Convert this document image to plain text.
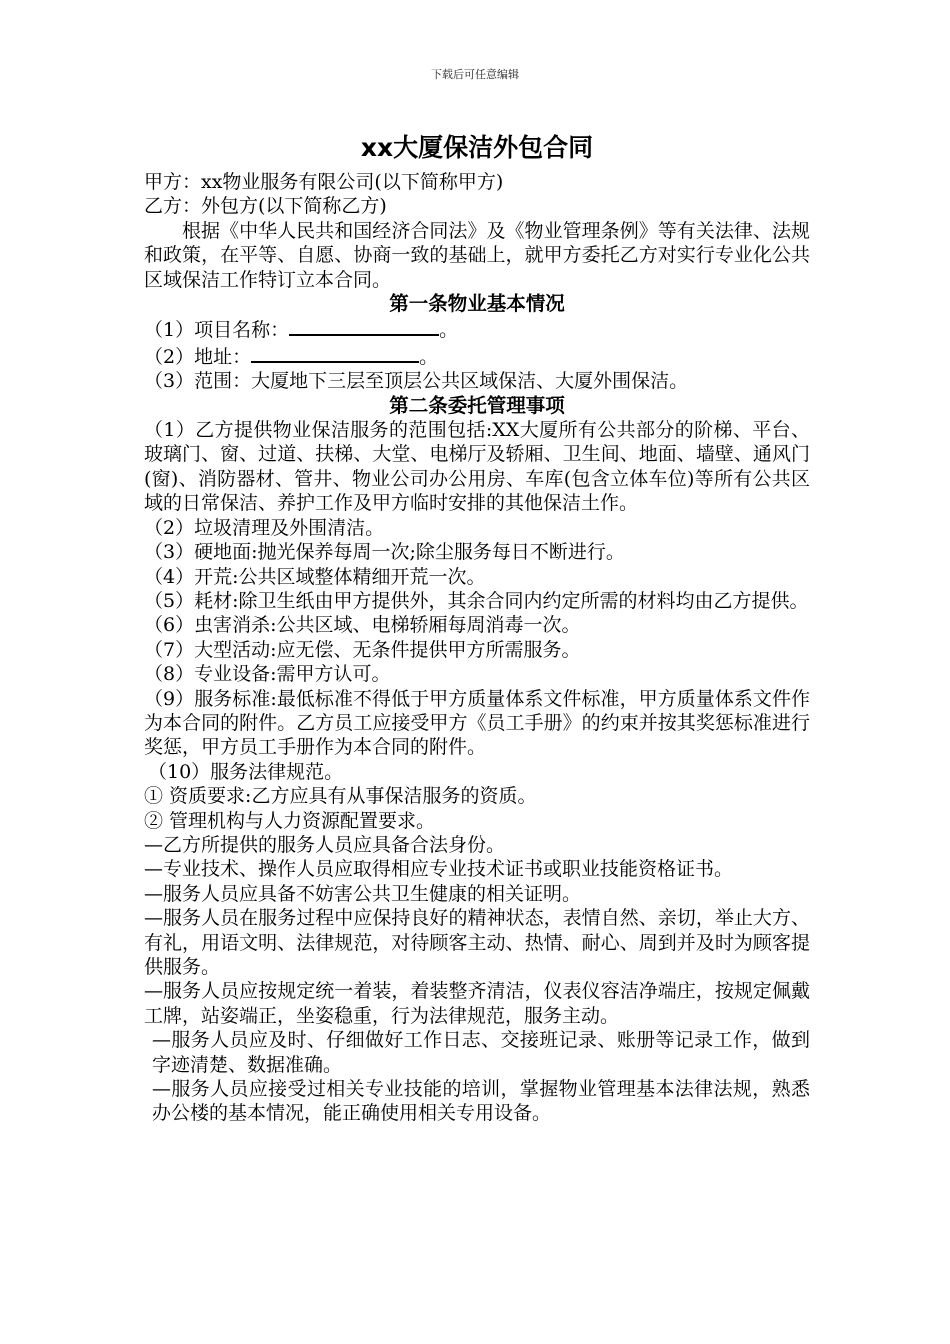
下载后可任意编辑
xx大厦保洁外包合同

甲方：xx物业服务有限公司(以下简称甲方)

乙方：外包方(以下简称乙方)

根据《中华人民共和国经济合同法》及《物业管理条例》等有关法律、法规和政策，在平等、自愿、协商一致的基础上，就甲方委托乙方对实行专业化公共区域保洁工作特订立本合同。

第一条物业基本情况

（1）项目名称：	。

（2）地址：	。

（3）范围：大厦地下三层至顶层公共区域保洁、大厦外围保洁。

第二条委托管理事项

（1）乙方提供物业保洁服务的范围包括:XX大厦所有公共部分的阶梯、平台、玻璃门、窗、过道、扶梯、大堂、电梯厅及轿厢、卫生间、地面、墙壁、通风门(窗)、消防器材、管井、物业公司办公用房、车库(包含立体车位)等所有公共区域的日常保洁、养护工作及甲方临时安排的其他保洁土作。

（2）垃圾清理及外围清洁。

（3）硬地面:抛光保养每周一次;除尘服务每日不断进行。

（4）开荒:公共区域整体精细开荒一次。

（5）耗材:除卫生纸由甲方提供外，其余合同内约定所需的材料均由乙方提供。

（6）虫害消杀:公共区域、电梯轿厢每周消毒一次。

（7）大型活动:应无偿、无条件提供甲方所需服务。

（8）专业设备:需甲方认可。

（9）服务标准:最低标准不得低于甲方质量体系文件标准，甲方质量体系文件作为本合同的附件。乙方员工应接受甲方《员工手册》的约束并按其奖惩标准进行奖惩，甲方员工手册作为本合同的附件。

（10）服务法律规范。

① 资质要求:乙方应具有从事保洁服务的资质。

② 管理机构与人力资源配置要求。

—乙方所提供的服务人员应具备合法身份。

—专业技术、操作人员应取得相应专业技术证书或职业技能资格证书。

—服务人员应具备不妨害公共卫生健康的相关证明。

—服务人员在服务过程中应保持良好的精神状态，表情自然、亲切，举止大方、有礼，用语文明、法律规范，对待顾客主动、热情、耐心、周到并及时为顾客提供服务。

—服务人员应按规定统一着装，着装整齐清洁，仪表仪容洁净端庄，按规定佩戴工牌，站姿端正，坐姿稳重，行为法律规范，服务主动。

—服务人员应及时、仔细做好工作日志、交接班记录、账册等记录工作，做到字迹清楚、数据准确。

—服务人员应接受过相关专业技能的培训，掌握物业管理基本法律法规，熟悉办公楼的基本情况，能正确使用相关专用设备。
